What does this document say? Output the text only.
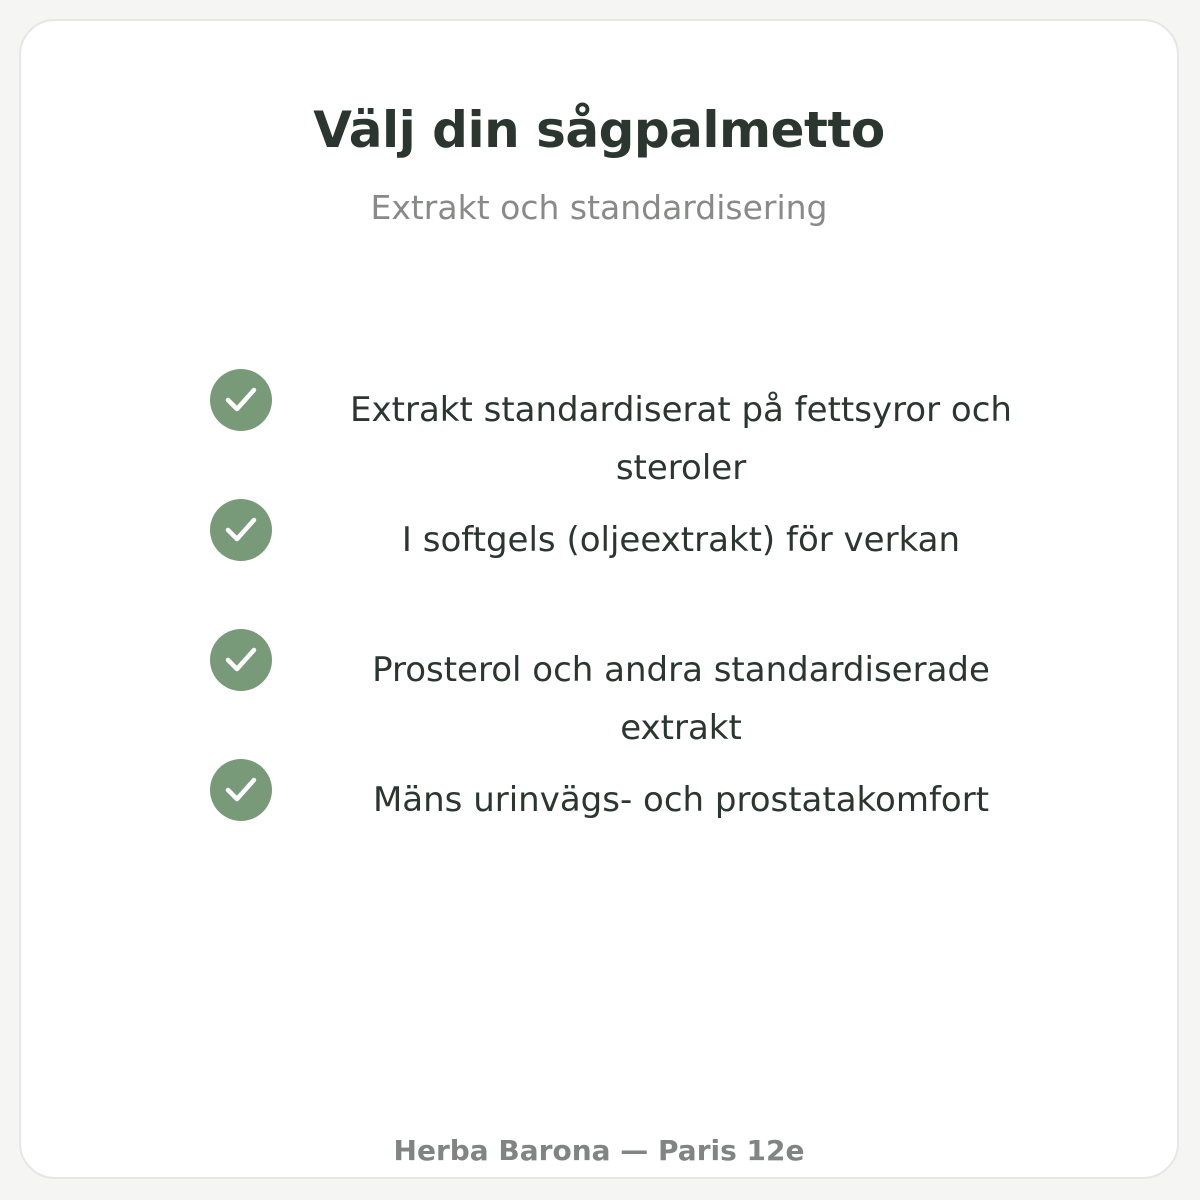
Välj din sågpalmetto

Extrakt och standardisering

Extrakt standardiserat på fettsyror och steroler
I softgels (oljeextrakt) för verkan
Prosterol och andra standardiserade extrakt
Mäns urinvägs- och prostatakomfort
Herba Barona — Paris 12e
